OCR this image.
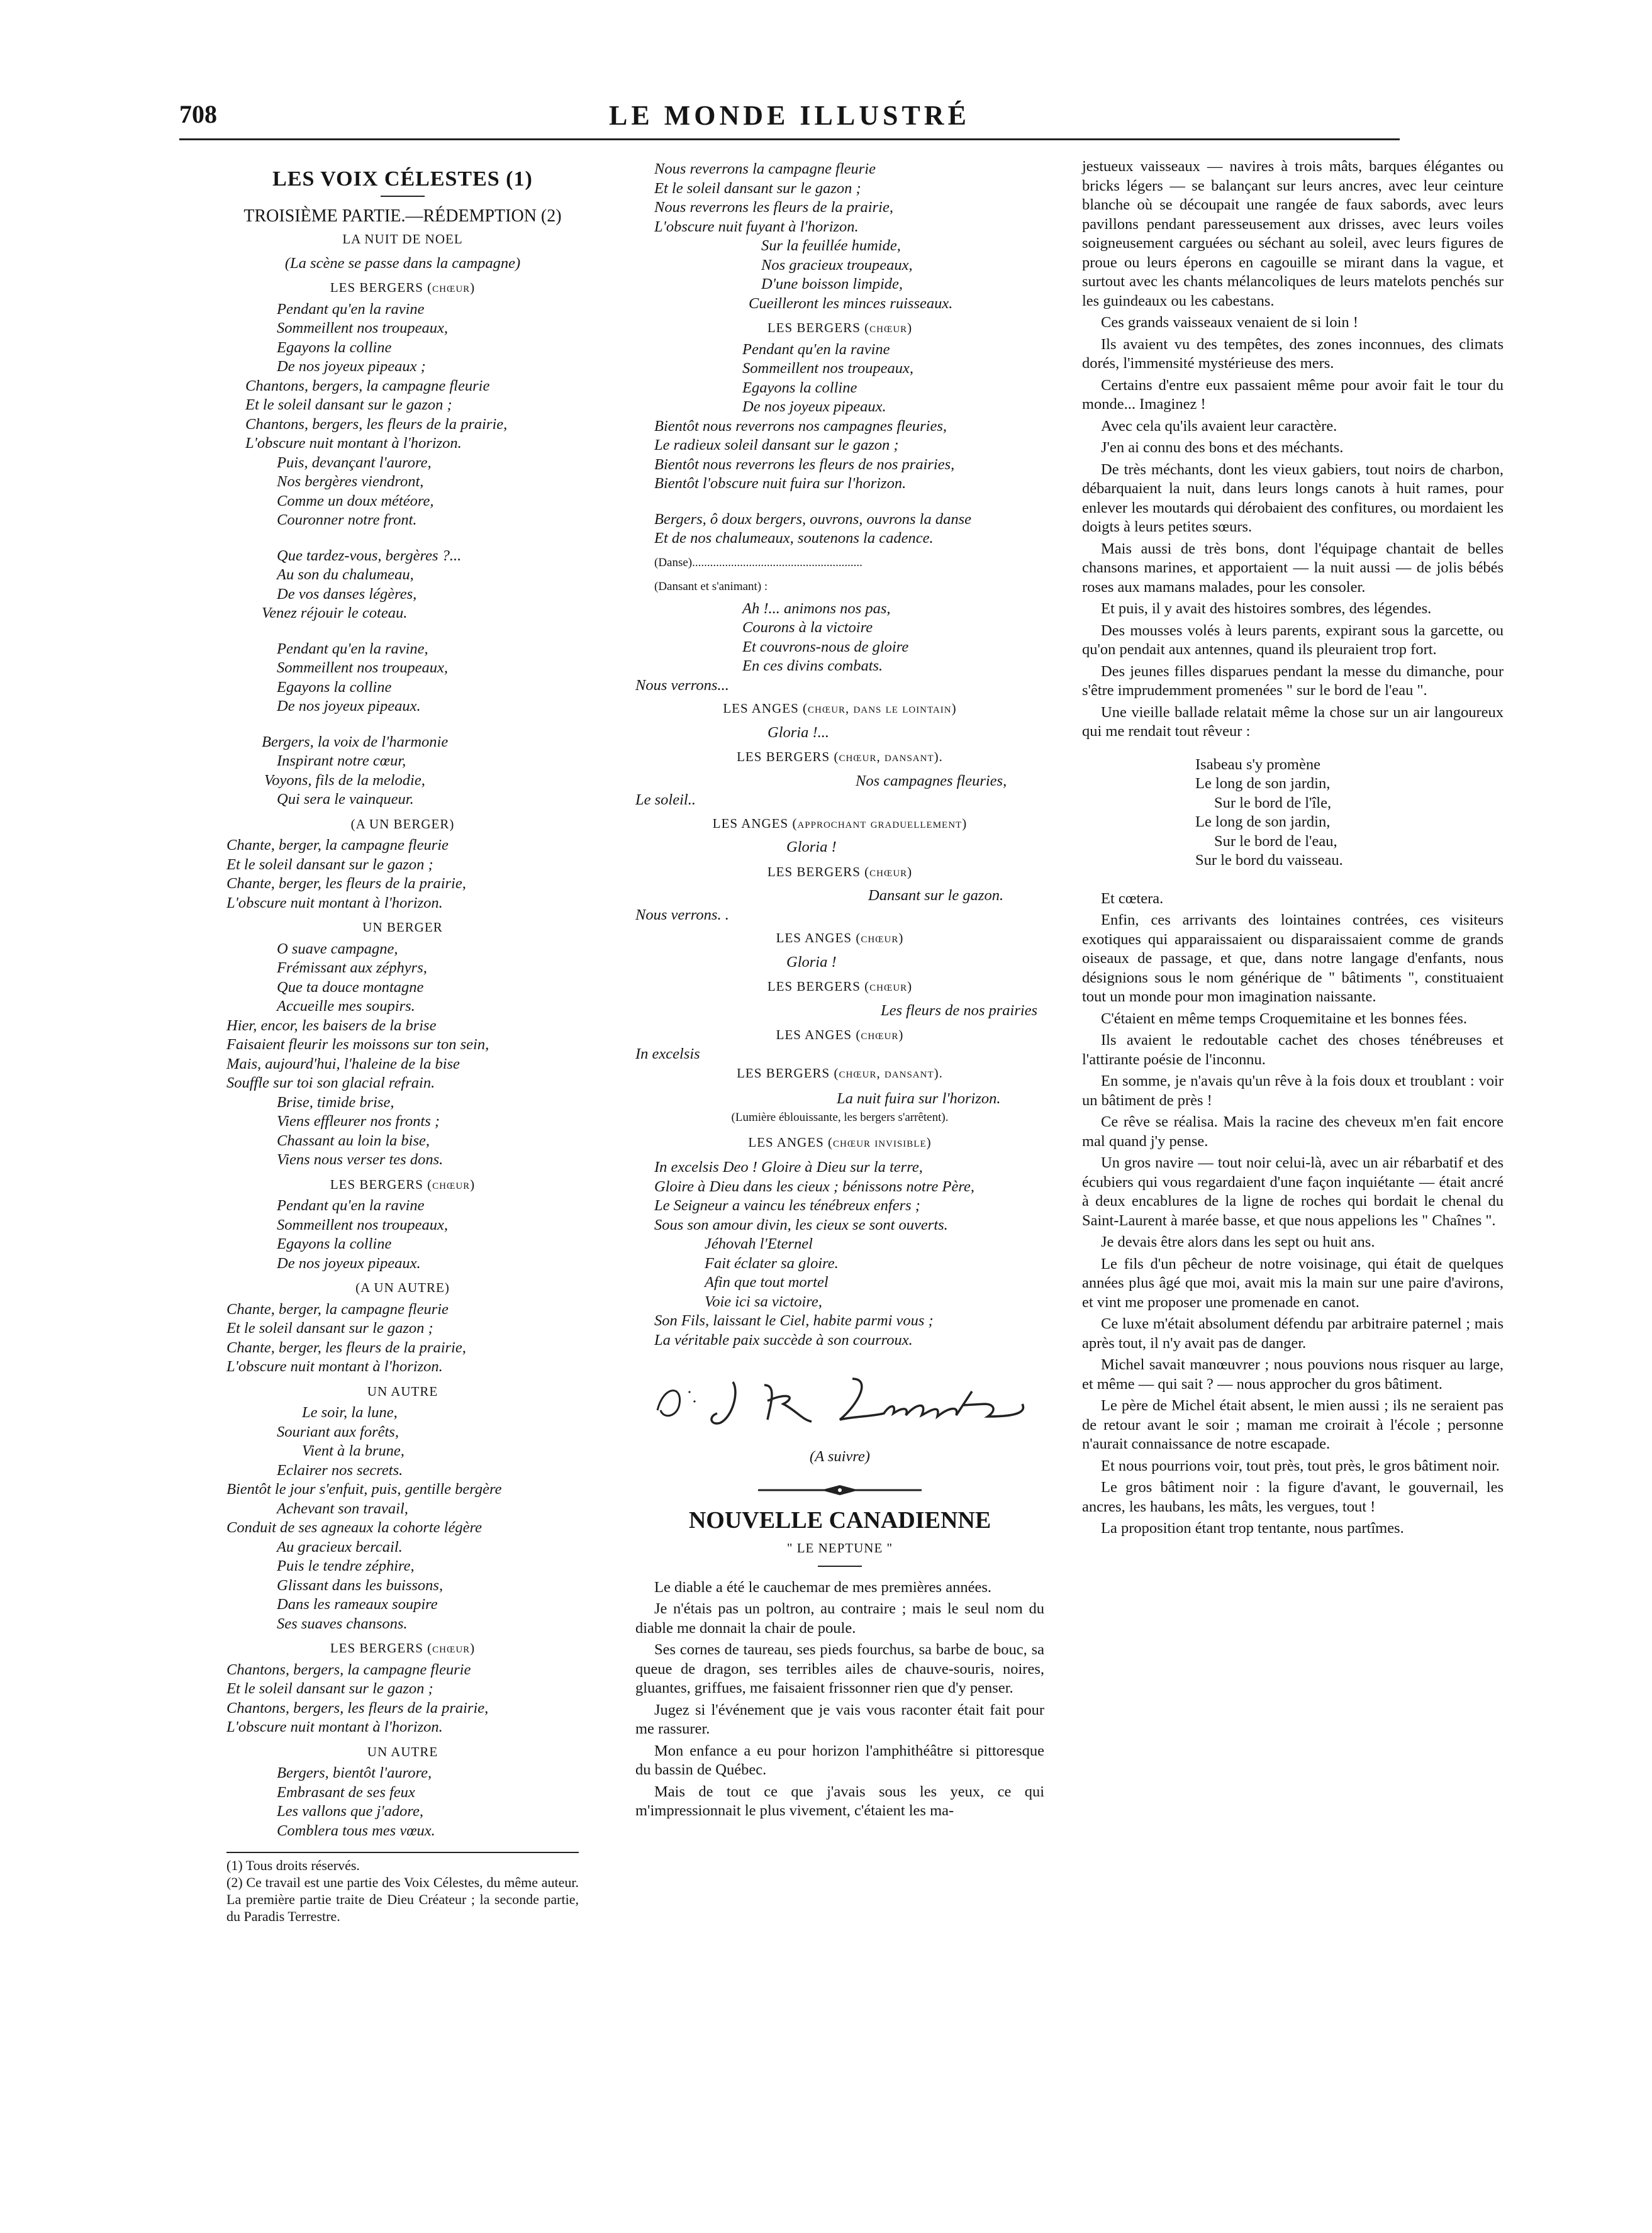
708	LE MONDE ILLUSTRÉ
LES VOIX CÉLESTES (1)
TROISIÈME PARTIE.—RÉDEMPTION (2)
LA NUIT DE NOEL
(La scène se passe dans la campagne)
LES BERGERS (chœur)
Pendant qu'en la ravine
Sommeillent nos troupeaux,
Egayons la colline
De nos joyeux pipeaux ;
Chantons, bergers, la campagne fleurie
Et le soleil dansant sur le gazon ;
Chantons, bergers, les fleurs de la prairie,
L'obscure nuit montant à l'horizon.
Puis, devançant l'aurore,
Nos bergères viendront,
Comme un doux météore,
Couronner notre front.
Que tardez-vous, bergères ?...
Au son du chalumeau,
De vos danses légères,
Venez réjouir le coteau.
Pendant qu'en la ravine,
Sommeillent nos troupeaux,
Egayons la colline
De nos joyeux pipeaux.
Bergers, la voix de l'harmonie
Inspirant notre cœur,
Voyons, fils de la melodie,
Qui sera le vainqueur.
(A UN BERGER)
Chante, berger, la campagne fleurie
Et le soleil dansant sur le gazon ;
Chante, berger, les fleurs de la prairie,
L'obscure nuit montant à l'horizon.
UN BERGER
O suave campagne,
Frémissant aux zéphyrs,
Que ta douce montagne
Accueille mes soupirs.
Hier, encor, les baisers de la brise
Faisaient fleurir les moissons sur ton sein,
Mais, aujourd'hui, l'haleine de la bise
Souffle sur toi son glacial refrain.
Brise, timide brise,
Viens effleurer nos fronts ;
Chassant au loin la bise,
Viens nous verser tes dons.
LES BERGERS (chœur)
Pendant qu'en la ravine
Sommeillent nos troupeaux,
Egayons la colline
De nos joyeux pipeaux.
(A UN AUTRE)
Chante, berger, la campagne fleurie
Et le soleil dansant sur le gazon ;
Chante, berger, les fleurs de la prairie,
L'obscure nuit montant à l'horizon.
UN AUTRE
Le soir, la lune,
Souriant aux forêts,
Vient à la brune,
Eclairer nos secrets.
Bientôt le jour s'enfuit, puis, gentille bergère
Achevant son travail,
Conduit de ses agneaux la cohorte légère
Au gracieux bercail.
Puis le tendre zéphire,
Glissant dans les buissons,
Dans les rameaux soupire
Ses suaves chansons.
LES BERGERS (chœur)
Chantons, bergers, la campagne fleurie
Et le soleil dansant sur le gazon ;
Chantons, bergers, les fleurs de la prairie,
L'obscure nuit montant à l'horizon.
UN AUTRE
Bergers, bientôt l'aurore,
Embrasant de ses feux
Les vallons que j'adore,
Comblera tous mes vœux.
(1) Tous droits réservés.
(2) Ce travail est une partie des Voix Célestes, du même auteur. La première partie traite de Dieu Créateur ; la seconde partie, du Paradis Terrestre.
Nous reverrons la campagne fleurie
Et le soleil dansant sur le gazon ;
Nous reverrons les fleurs de la prairie,
L'obscure nuit fuyant à l'horizon.
Sur la feuillée humide,
Nos gracieux troupeaux,
D'une boisson limpide,
Cueilleront les minces ruisseaux.
LES BERGERS (chœur)
Pendant qu'en la ravine
Sommeillent nos troupeaux,
Egayons la colline
De nos joyeux pipeaux.
Bientôt nous reverrons nos campagnes fleuries,
Le radieux soleil dansant sur le gazon ;
Bientôt nous reverrons les fleurs de nos prairies,
Bientôt l'obscure nuit fuira sur l'horizon.
Bergers, ô doux bergers, ouvrons, ouvrons la danse
Et de nos chalumeaux, soutenons la cadence.
(Danse).........................................................
(Dansant et s'animant) :
Ah !... animons nos pas,
Courons à la victoire
Et couvrons-nous de gloire
En ces divins combats.
Nous verrons...
LES ANGES (chœur, dans le lointain)
Gloria !...
LES BERGERS (chœur, dansant).
Nos campagnes fleuries,
Le soleil..
LES ANGES (approchant graduellement)
Gloria !
LES BERGERS (chœur)
Dansant sur le gazon.
Nous verrons. .
LES ANGES (chœur)
Gloria !
LES BERGERS (chœur)
Les fleurs de nos prairies
LES ANGES (chœur)
In excelsis
LES BERGERS (chœur, dansant).
La nuit fuira sur l'horizon.
(Lumière éblouissante, les bergers s'arrêtent).
LES ANGES (chœur invisible)
In excelsis Deo ! Gloire à Dieu sur la terre,
Gloire à Dieu dans les cieux ; bénissons notre Père,
Le Seigneur a vaincu les ténébreux enfers ;
Sous son amour divin, les cieux se sont ouverts.
Jéhovah l'Eternel
Fait éclater sa gloire.
Afin que tout mortel
Voie ici sa victoire,
Son Fils, laissant le Ciel, habite parmi vous ;
La véritable paix succède à son courroux.
(A suivre)
NOUVELLE CANADIENNE
" LE NEPTUNE "

Le diable a été le cauchemar de mes premières années.

Je n'étais pas un poltron, au contraire ; mais le seul nom du diable me donnait la chair de poule.

Ses cornes de taureau, ses pieds fourchus, sa barbe de bouc, sa queue de dragon, ses terribles ailes de chauve-souris, noires, gluantes, griffues, me faisaient frissonner rien que d'y penser.

Jugez si l'événement que je vais vous raconter était fait pour me rassurer.

Mon enfance a eu pour horizon l'amphithéâtre si pittoresque du bassin de Québec.

Mais de tout ce que j'avais sous les yeux, ce qui m'impressionnait le plus vivement, c'étaient les ma-

jestueux vaisseaux — navires à trois mâts, barques élégantes ou bricks légers — se balançant sur leurs ancres, avec leur ceinture blanche où se découpait une rangée de faux sabords, avec leurs pavillons pendant paresseusement aux drisses, avec leurs voiles soigneusement carguées ou séchant au soleil, avec leurs figures de proue ou leurs éperons en cagouille se mirant dans la vague, et surtout avec les chants mélancoliques de leurs matelots penchés sur les guindeaux ou les cabestans.

Ces grands vaisseaux venaient de si loin !

Ils avaient vu des tempêtes, des zones inconnues, des climats dorés, l'immensité mystérieuse des mers.

Certains d'entre eux passaient même pour avoir fait le tour du monde... Imaginez !

Avec cela qu'ils avaient leur caractère.

J'en ai connu des bons et des méchants.

De très méchants, dont les vieux gabiers, tout noirs de charbon, débarquaient la nuit, dans leurs longs canots à huit rames, pour enlever les moutards qui dérobaient des confitures, ou mordaient les doigts à leurs petites sœurs.

Mais aussi de très bons, dont l'équipage chantait de belles chansons marines, et apportaient — la nuit aussi — de jolis bébés roses aux mamans malades, pour les consoler.

Et puis, il y avait des histoires sombres, des légendes.

Des mousses volés à leurs parents, expirant sous la garcette, ou qu'on pendait aux antennes, quand ils pleuraient trop fort.

Des jeunes filles disparues pendant la messe du dimanche, pour s'être imprudemment promenées " sur le bord de l'eau ".

Une vieille ballade relatait même la chose sur un air langoureux qui me rendait tout rêveur :

Isabeau s'y promène
Le long de son jardin,
Sur le bord de l'île,
Le long de son jardin,
Sur le bord de l'eau,
Sur le bord du vaisseau.

Et cœtera.

Enfin, ces arrivants des lointaines contrées, ces visiteurs exotiques qui apparaissaient ou disparaissaient comme de grands oiseaux de passage, et que, dans notre langage d'enfants, nous désignions sous le nom générique de " bâtiments ", constituaient tout un monde pour mon imagination naissante.

C'étaient en même temps Croquemitaine et les bonnes fées.

Ils avaient le redoutable cachet des choses ténébreuses et l'attirante poésie de l'inconnu.

En somme, je n'avais qu'un rêve à la fois doux et troublant : voir un bâtiment de près !

Ce rêve se réalisa. Mais la racine des cheveux m'en fait encore mal quand j'y pense.

Un gros navire — tout noir celui-là, avec un air rébarbatif et des écubiers qui vous regardaient d'une façon inquiétante — était ancré à deux encablures de la ligne de roches qui bordait le chenal du Saint-Laurent à marée basse, et que nous appelions les " Chaînes ".

Je devais être alors dans les sept ou huit ans.

Le fils d'un pêcheur de notre voisinage, qui était de quelques années plus âgé que moi, avait mis la main sur une paire d'avirons, et vint me proposer une promenade en canot.

Ce luxe m'était absolument défendu par arbitraire paternel ; mais après tout, il n'y avait pas de danger.

Michel savait manœuvrer ; nous pouvions nous risquer au large, et même — qui sait ? — nous approcher du gros bâtiment.

Le père de Michel était absent, le mien aussi ; ils ne seraient pas de retour avant le soir ; maman me croirait à l'école ; personne n'aurait connaissance de notre escapade.

Et nous pourrions voir, tout près, tout près, le gros bâtiment noir.

Le gros bâtiment noir : la figure d'avant, le gouvernail, les ancres, les haubans, les mâts, les vergues, tout !

La proposition étant trop tentante, nous partîmes.
